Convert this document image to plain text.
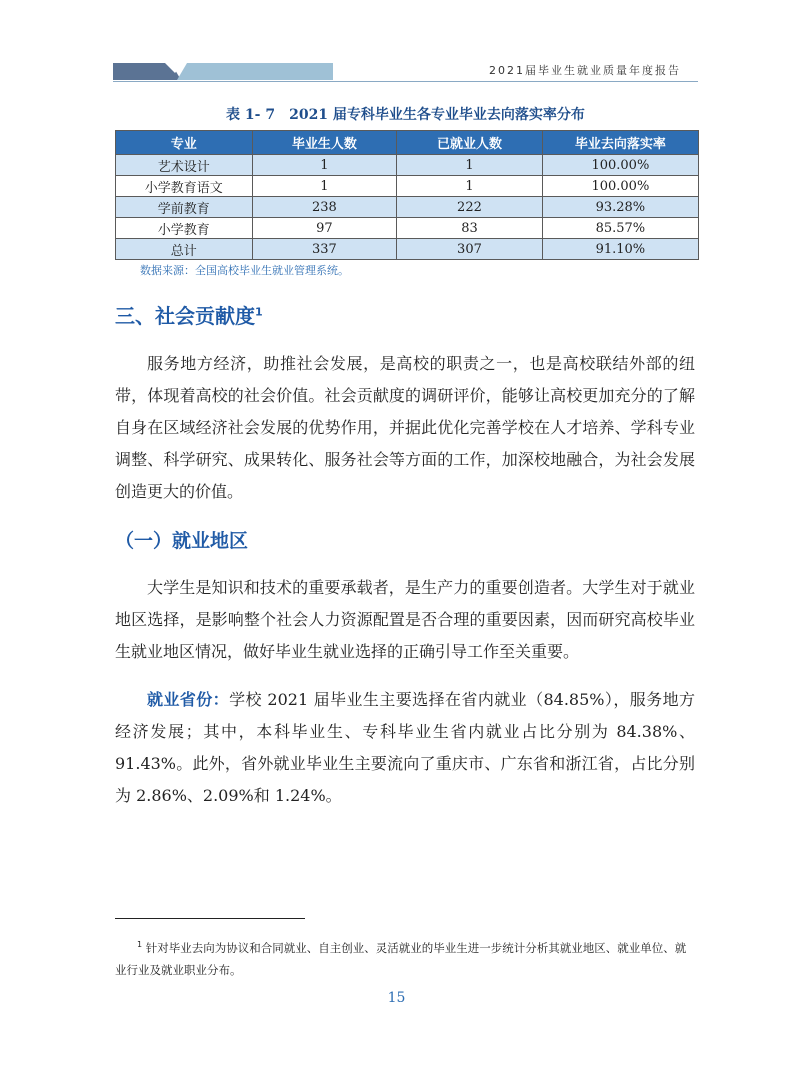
2021届毕业生就业质量年度报告
表 1- 7　2021 届专科毕业生各专业毕业去向落实率分布
专业	毕业生人数	已就业人数	毕业去向落实率
艺术设计	1	1	100.00%
小学教育语文	1	1	100.00%
学前教育	238	222	93.28%
小学教育	97	83	85.57%
总计	337	307	91.10%
数据来源：全国高校毕业生就业管理系统。
三、社会贡献度$^1$

服务地方经济，助推社会发展，是高校的职责之一，也是高校联结外部的纽带，体现着高校的社会价值。社会贡献度的调研评价，能够让高校更加充分的了解自身在区域经济社会发展的优势作用，并据此优化完善学校在人才培养、学科专业调整、科学研究、成果转化、服务社会等方面的工作，加深校地融合，为社会发展创造更大的价值。

（一）就业地区

大学生是知识和技术的重要承载者，是生产力的重要创造者。大学生对于就业地区选择，是影响整个社会人力资源配置是否合理的重要因素，因而研究高校毕业生就业地区情况，做好毕业生就业选择的正确引导工作至关重要。

就业省份：学校 2021 届毕业生主要选择在省内就业（84.85%），服务地方经济发展；其中，本科毕业生、专科毕业生省内就业占比分别为 84.38%、91.43%。此外，省外就业毕业生主要流向了重庆市、广东省和浙江省，占比分别为 2.86%、2.09%和 1.24%。

$^1$ 针对毕业去向为协议和合同就业、自主创业、灵活就业的毕业生进一步统计分析其就业地区、就业单位、就业行业及就业职业分布。

15
